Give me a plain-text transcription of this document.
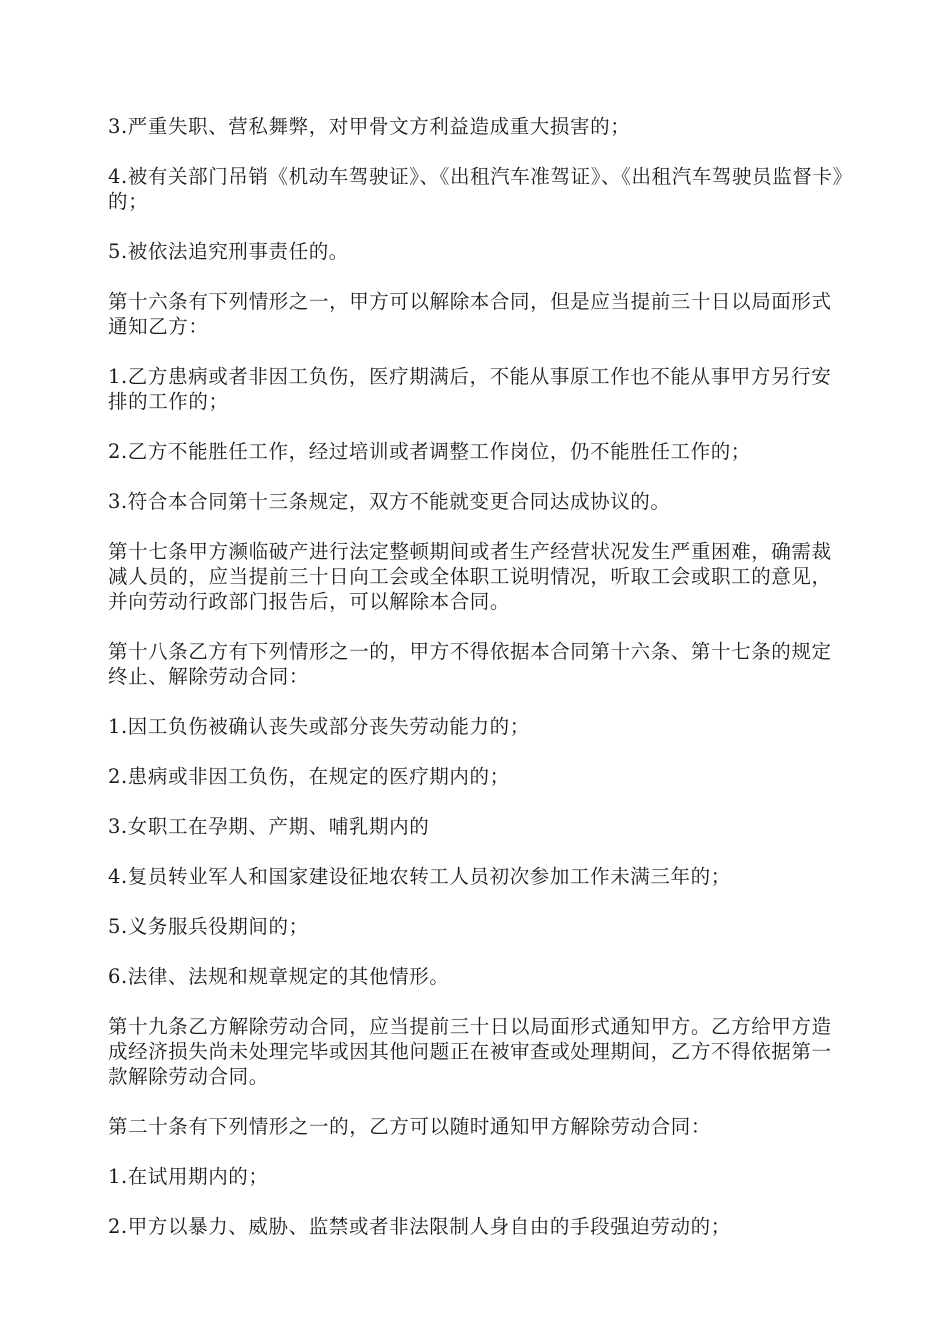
3.严重失职、营私舞弊，对甲骨文方利益造成重大损害的；

4.被有关部门吊销《机动车驾驶证》、《出租汽车准驾证》、《出租汽车驾驶员监督卡》的；

5.被依法追究刑事责任的。

第十六条有下列情形之一，甲方可以解除本合同，但是应当提前三十日以局面形式通知乙方：

1.乙方患病或者非因工负伤，医疗期满后，不能从事原工作也不能从事甲方另行安排的工作的；

2.乙方不能胜任工作，经过培训或者调整工作岗位，仍不能胜任工作的；

3.符合本合同第十三条规定，双方不能就变更合同达成协议的。

第十七条甲方濒临破产进行法定整顿期间或者生产经营状况发生严重困难，确需裁减人员的，应当提前三十日向工会或全体职工说明情况，听取工会或职工的意见，并向劳动行政部门报告后，可以解除本合同。

第十八条乙方有下列情形之一的，甲方不得依据本合同第十六条、第十七条的规定终止、解除劳动合同：

1.因工负伤被确认丧失或部分丧失劳动能力的；

2.患病或非因工负伤，在规定的医疗期内的；

3.女职工在孕期、产期、哺乳期内的

4.复员转业军人和国家建设征地农转工人员初次参加工作未满三年的；

5.义务服兵役期间的；

6.法律、法规和规章规定的其他情形。

第十九条乙方解除劳动合同，应当提前三十日以局面形式通知甲方。乙方给甲方造成经济损失尚未处理完毕或因其他问题正在被审查或处理期间，乙方不得依据第一款解除劳动合同。

第二十条有下列情形之一的，乙方可以随时通知甲方解除劳动合同：

1.在试用期内的；

2.甲方以暴力、威胁、监禁或者非法限制人身自由的手段强迫劳动的；
